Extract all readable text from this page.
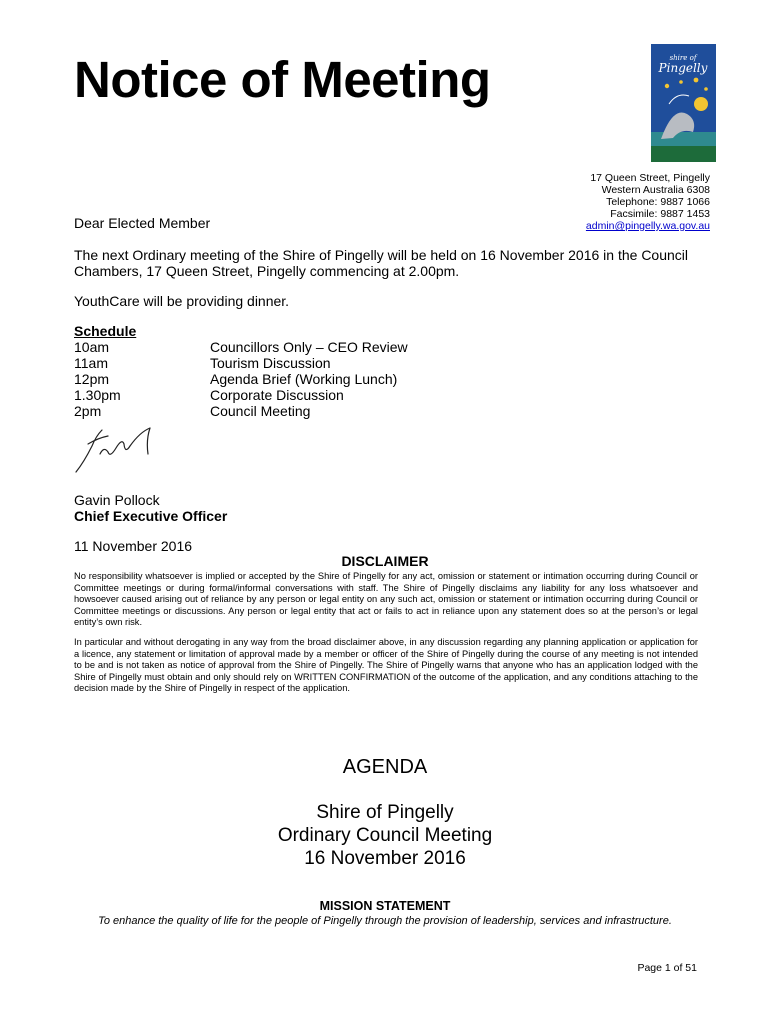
Notice of Meeting	shire of
Pingelly
17 Queen Street, Pingelly
Western Australia 6308
Telephone: 9887 1066
Facsimile: 9887 1453
admin@pingelly.wa.gov.au
Dear Elected Member
The next Ordinary meeting of the Shire of Pingelly will be held on 16 November 2016 in the Council Chambers, 17 Queen Street, Pingelly commencing at 2.00pm.
YouthCare will be providing dinner.
Schedule
10am	Councillors Only – CEO Review
11am	Tourism Discussion
12pm	Agenda Brief (Working Lunch)
1.30pm	Corporate Discussion
2pm	Council Meeting
Gavin Pollock
Chief Executive Officer
11 November 2016
DISCLAIMER
No responsibility whatsoever is implied or accepted by the Shire of Pingelly for any act, omission or statement or intimation occurring during Council or Committee meetings or during formal/informal conversations with staff. The Shire of Pingelly disclaims any liability for any loss whatsoever and howsoever caused arising out of reliance by any person or legal entity on any such act, omission or statement or intimation occurring during Council or Committee meetings or discussions. Any person or legal entity that act or fails to act in reliance upon any statement does so at the person’s or legal entity’s own risk.
In particular and without derogating in any way from the broad disclaimer above, in any discussion regarding any planning application or application for a licence, any statement or limitation of approval made by a member or officer of the Shire of Pingelly during the course of any meeting is not intended to be and is not taken as notice of approval from the Shire of Pingelly. The Shire of Pingelly warns that anyone who has an application lodged with the Shire of Pingelly must obtain and only should rely on WRITTEN CONFIRMATION of the outcome of the application, and any conditions attaching to the decision made by the Shire of Pingelly in respect of the application.
AGENDA
Shire of Pingelly
Ordinary Council Meeting
16 November 2016
MISSION STATEMENT
To enhance the quality of life for the people of Pingelly through the provision of leadership, services and infrastructure.
Page 1 of 51
